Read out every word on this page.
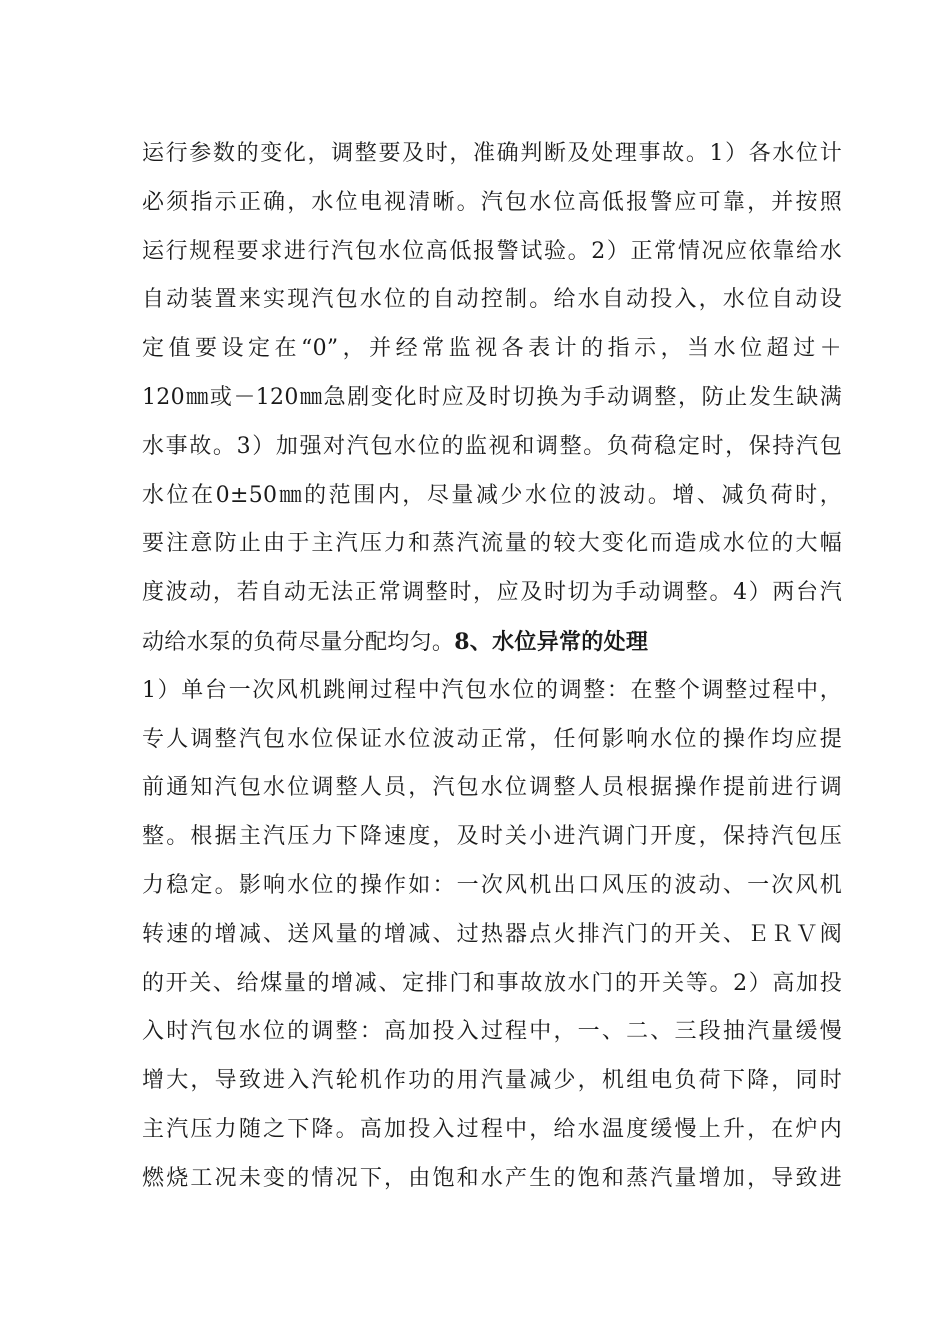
运行参数的变化，调整要及时，准确判断及处理事故。1）各水位计
必须指示正确，水位电视清晰。汽包水位高低报警应可靠，并按照
运行规程要求进行汽包水位高低报警试验。2）正常情况应依靠给水
自动装置来实现汽包水位的自动控制。给水自动投入，水位自动设
定值要设定在“0”，并经常监视各表计的指示，当水位超过＋
120㎜或－120㎜急剧变化时应及时切换为手动调整，防止发生缺满
水事故。3）加强对汽包水位的监视和调整。负荷稳定时，保持汽包
水位在0±50㎜的范围内，尽量减少水位的波动。增、减负荷时，
要注意防止由于主汽压力和蒸汽流量的较大变化而造成水位的大幅
度波动，若自动无法正常调整时，应及时切为手动调整。4）两台汽
动给水泵的负荷尽量分配均匀。8、水位异常的处理
1）单台一次风机跳闸过程中汽包水位的调整：在整个调整过程中，
专人调整汽包水位保证水位波动正常，任何影响水位的操作均应提
前通知汽包水位调整人员，汽包水位调整人员根据操作提前进行调
整。根据主汽压力下降速度，及时关小进汽调门开度，保持汽包压
力稳定。影响水位的操作如：一次风机出口风压的波动、一次风机
转速的增减、送风量的增减、过热器点火排汽门的开关、ＥＲＶ阀
的开关、给煤量的增减、定排门和事故放水门的开关等。2）高加投
入时汽包水位的调整：高加投入过程中，一、二、三段抽汽量缓慢
增大，导致进入汽轮机作功的用汽量减少，机组电负荷下降，同时
主汽压力随之下降。高加投入过程中，给水温度缓慢上升，在炉内
燃烧工况未变的情况下，由饱和水产生的饱和蒸汽量增加，导致进
